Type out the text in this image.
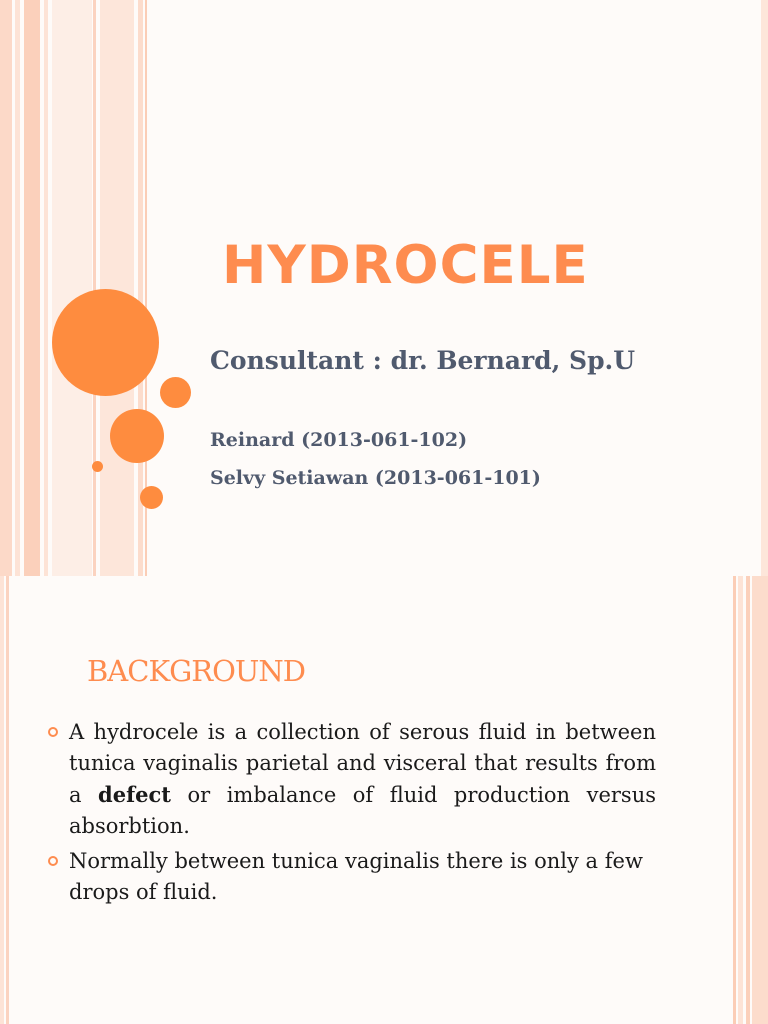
HYDROCELE
Consultant : dr. Bernard, Sp.U
Reinard (2013-061-102)
Selvy Setiawan (2013-061-101)
BACKGROUND
A hydrocele is a collection of serous fluid in between tunica vaginalis parietal and visceral that results from a defect or imbalance of fluid production versus absorbtion.
Normally between tunica vaginalis there is only a few drops of fluid.
